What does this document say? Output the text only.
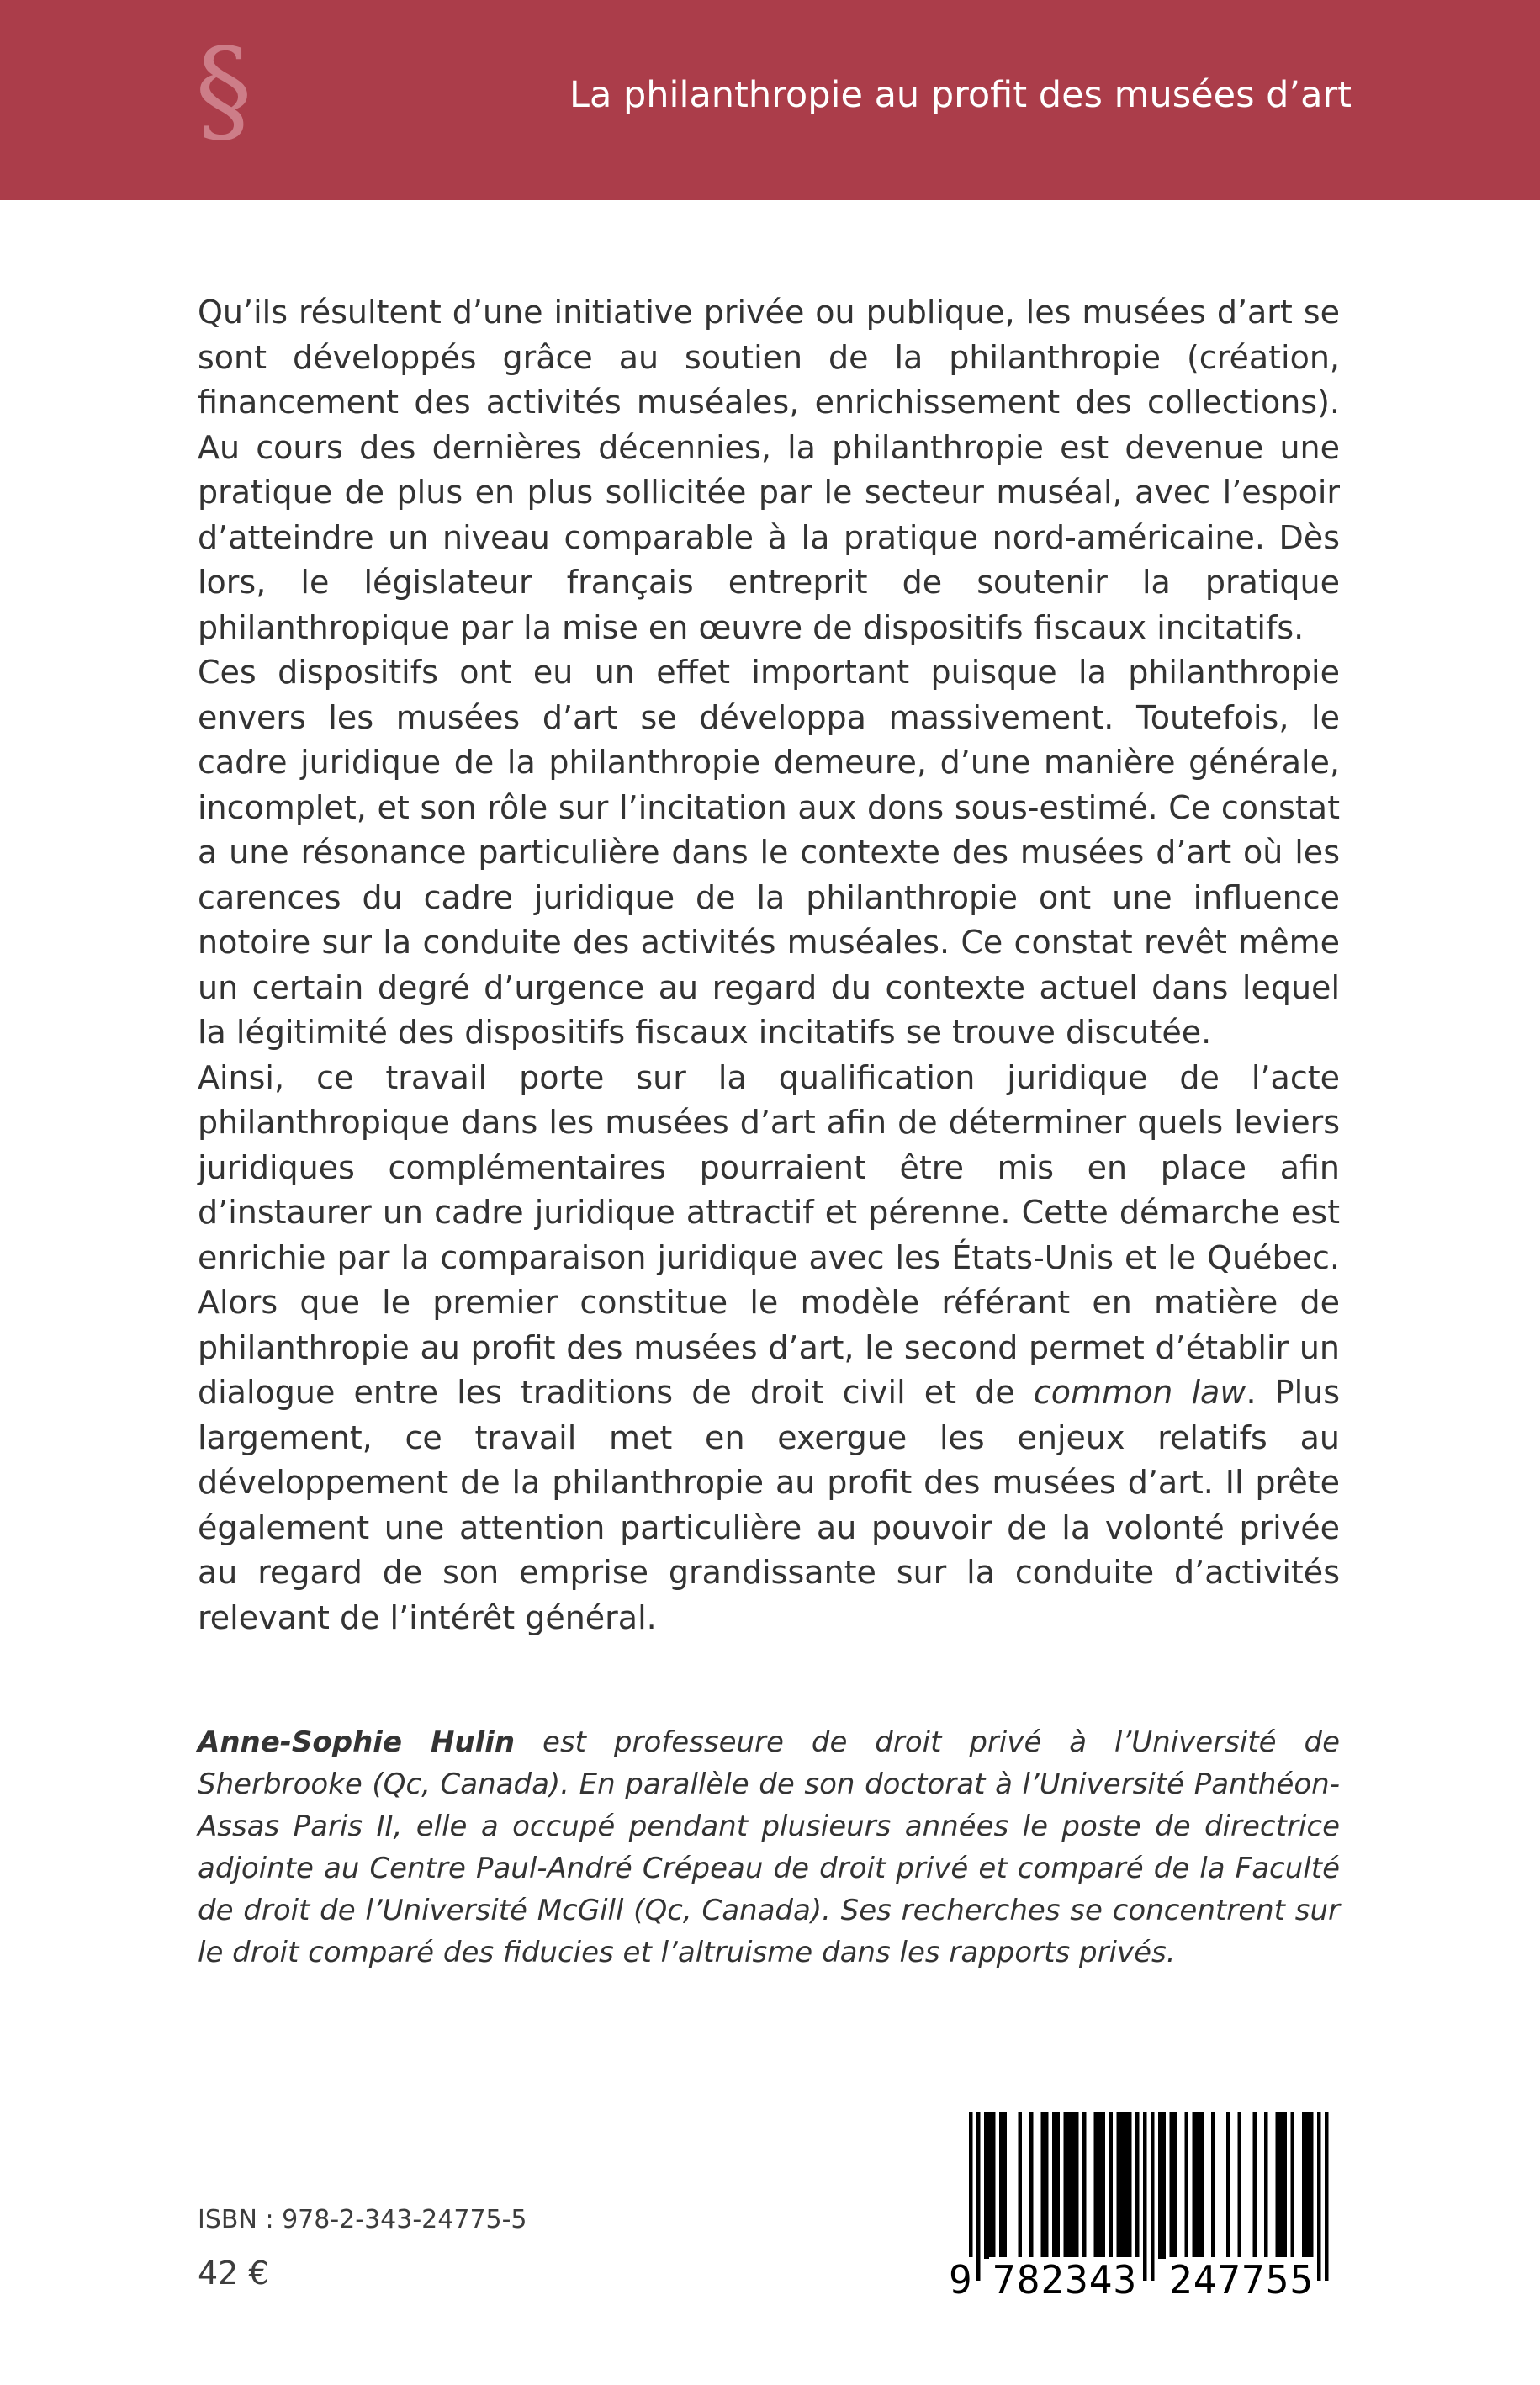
§	La philanthropie au profit des musées d’art

Qu’ils résultent d’une initiative privée ou publique, les musées d’art se sont développés grâce au soutien de la philanthropie (création, financement des activités muséales, enrichissement des collections). Au cours des dernières décennies, la philanthropie est devenue une pratique de plus en plus sollicitée par le secteur muséal, avec l’espoir d’atteindre un niveau comparable à la pratique nord-américaine. Dès lors, le législateur français entreprit de soutenir la pratique philanthropique par la mise en œuvre de dispositifs fiscaux incitatifs.

Ces dispositifs ont eu un effet important puisque la philanthropie envers les musées d’art se développa massivement. Toutefois, le cadre juridique de la philanthropie demeure, d’une manière générale, incomplet, et son rôle sur l’incitation aux dons sous-estimé. Ce constat a une résonance particulière dans le contexte des musées d’art où les carences du cadre juridique de la philanthropie ont une influence notoire sur la conduite des activités muséales. Ce constat revêt même un certain degré d’urgence au regard du contexte actuel dans lequel la légitimité des dispositifs fiscaux incitatifs se trouve discutée.

Ainsi, ce travail porte sur la qualification juridique de l’acte philanthropique dans les musées d’art afin de déterminer quels leviers juridiques complémentaires pourraient être mis en place afin d’instaurer un cadre juridique attractif et pérenne. Cette démarche est enrichie par la comparaison juridique avec les États-Unis et le Québec. Alors que le premier constitue le modèle référant en matière de philanthropie au profit des musées d’art, le second permet d’établir un dialogue entre les traditions de droit civil et de common law. Plus largement, ce travail met en exergue les enjeux relatifs au développement de la philanthropie au profit des musées d’art. Il prête également une attention particulière au pouvoir de la volonté privée au regard de son emprise grandissante sur la conduite d’activités relevant de l’intérêt général.

Anne-Sophie Hulin est professeure de droit privé à l’Université de Sherbrooke (Qc, Canada). En parallèle de son doctorat à l’Université Panthéon-Assas Paris II, elle a occupé pendant plusieurs années le poste de directrice adjointe au Centre Paul-André Crépeau de droit privé et comparé de la Faculté de droit de l’Université McGill (Qc, Canada). Ses recherches se concentrent sur le droit comparé des fiducies et l’altruisme dans les rapports privés.

ISBN : 978-2-343-24775-5
42 €	9 782343 247755
